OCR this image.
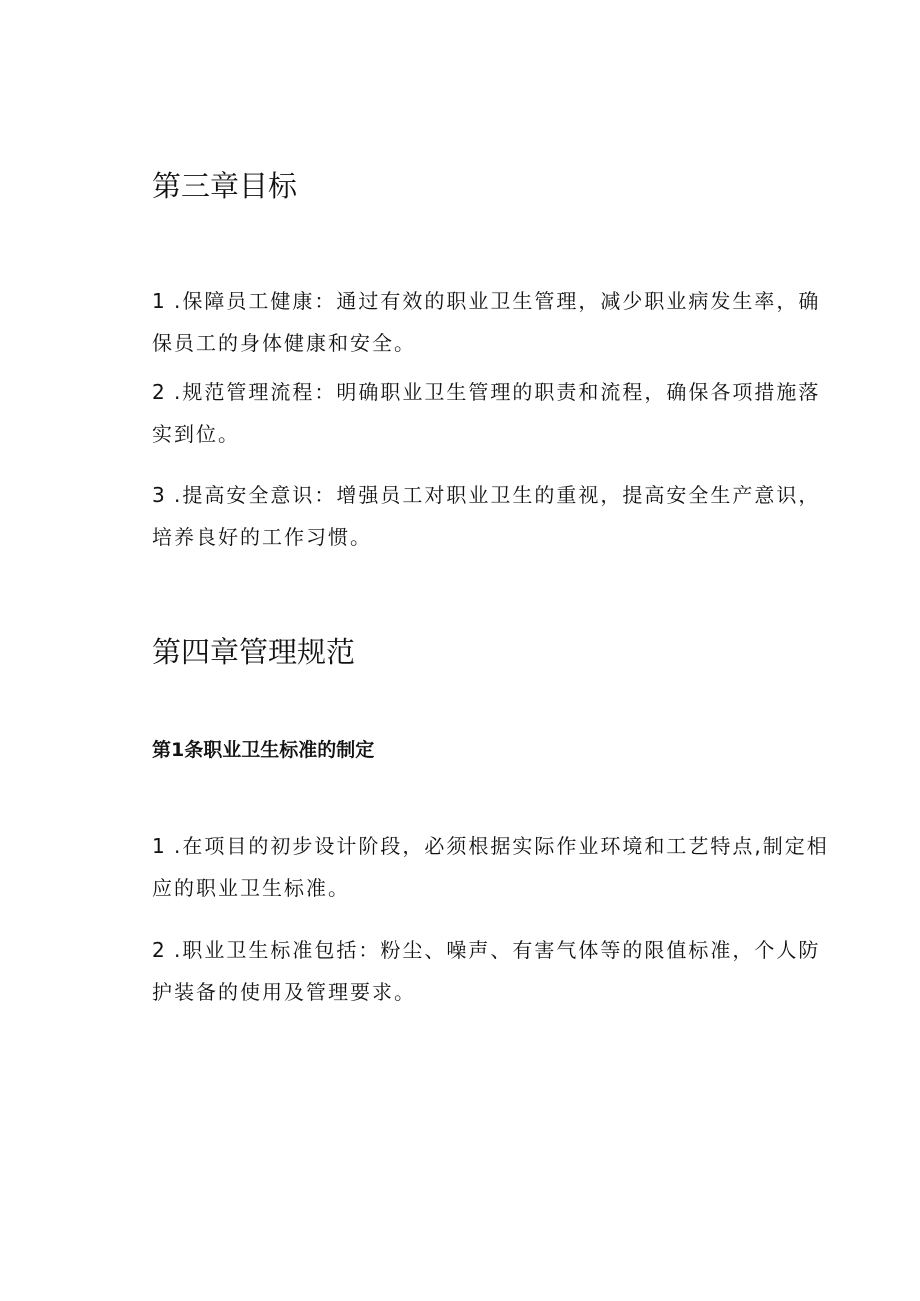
第三章目标

1 .保障员工健康：通过有效的职业卫生管理，减少职业病发生率，确
保员工的身体健康和安全。

2 .规范管理流程：明确职业卫生管理的职责和流程，确保各项措施落
实到位。

3 .提高安全意识：增强员工对职业卫生的重视，提高安全生产意识，
培养良好的工作习惯。

第四章管理规范
第1条职业卫生标准的制定

1 .在项目的初步设计阶段，必须根据实际作业环境和工艺特点,制定相
应的职业卫生标准。

2 .职业卫生标准包括：粉尘、噪声、有害气体等的限值标准，个人防
护装备的使用及管理要求。
